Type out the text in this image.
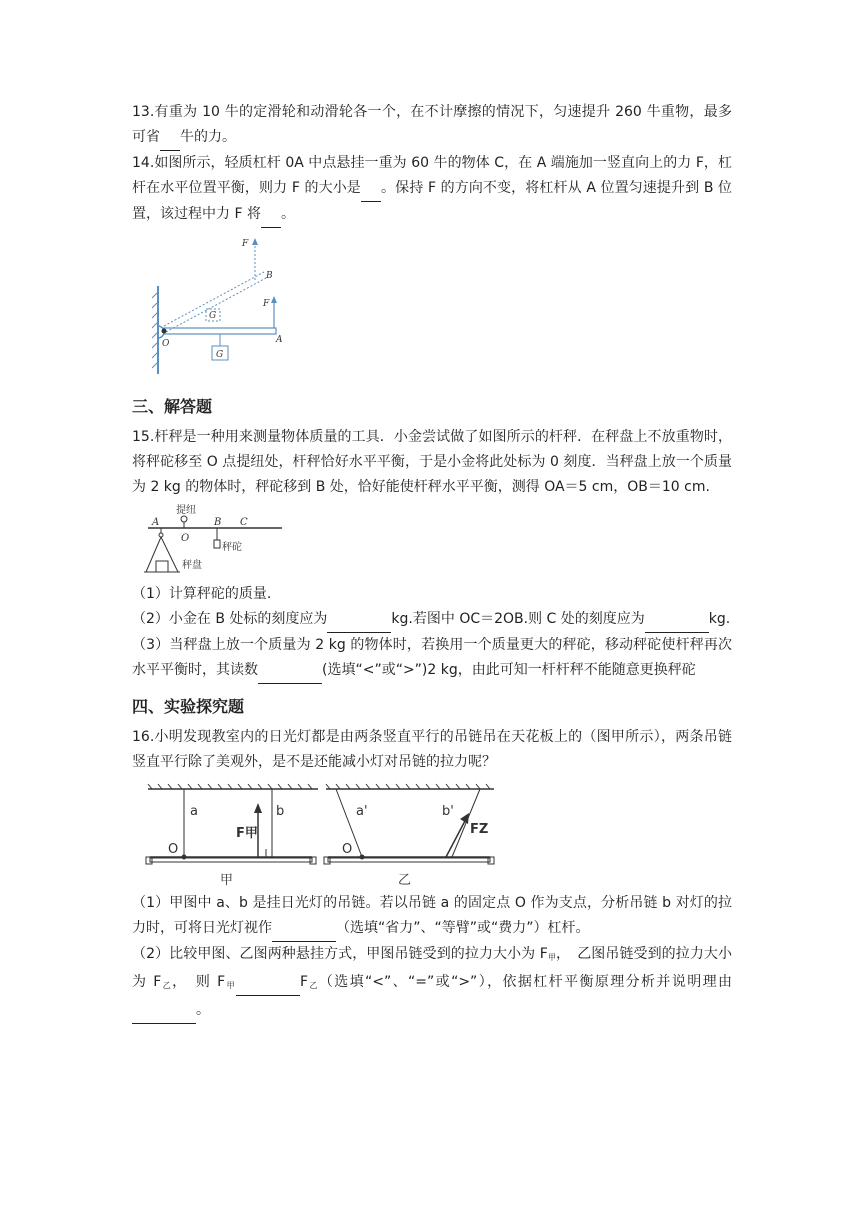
13.有重为 10 牛的定滑轮和动滑轮各一个，在不计摩擦的情况下，匀速提升 260 牛重物，最多可省 牛的力。

14.如图所示，轻质杠杆 0A 中点悬挂一重为 60 牛的物体 C，在 A 端施加一竖直向上的力 F，杠杆在水平位置平衡，则力 F 的大小是 。保持 F 的方向不变，将杠杆从 A 位置匀速提升到 B 位置，该过程中力 F 将 。

F
B
F
G
O	A
G
三、解答题

15.杆秤是一种用来测量物体质量的工具．小金尝试做了如图所示的杆秤．在秤盘上不放重物时，将秤砣移至 O 点提纽处，杆秤恰好水平平衡，于是小金将此处标为 0 刻度．当秤盘上放一个质量为 2 kg 的物体时，秤砣移到 B 处，恰好能使杆秤水平平衡，测得 OA＝5 cm，OB＝10 cm.

提纽
A
O
B C
秤砣
秤盘

（1）计算秤砣的质量.

（2）小金在 B 处标的刻度应为	kg.若图中 OC＝2OB.则 C 处的刻度应为	kg.

（3）当秤盘上放一个质量为 2 kg 的物体时，若换用一个质量更大的秤砣，移动秤砣使杆秤再次水平平衡时，其读数	(选填“<”或“>”)2 kg，由此可知一杆杆秤不能随意更换秤砣

四、实验探究题

16.小明发现教室内的日光灯都是由两条竖直平行的吊链吊在天花板上的（图甲所示），两条吊链竖直平行除了美观外，是不是还能减小灯对吊链的拉力呢？

a	b
F甲
O
甲
a'	b'
FZ
O
乙

（1）甲图中 a、b 是挂日光灯的吊链。若以吊链 a 的固定点 O 作为支点，分析吊链 b 对灯的拉力时，可将日光灯视作	（选填“省力”、“等臂”或“费力”）杠杆。

（2）比较甲图、乙图两种悬挂方式，甲图吊链受到的拉力大小为 $F_甲$，　乙图吊链受到的拉力大小为 $F_乙$，　则 $F_甲$	$F_乙$（选填“<”、“=”或“>”），依据杠杆平衡原理分析并说明理由 。
